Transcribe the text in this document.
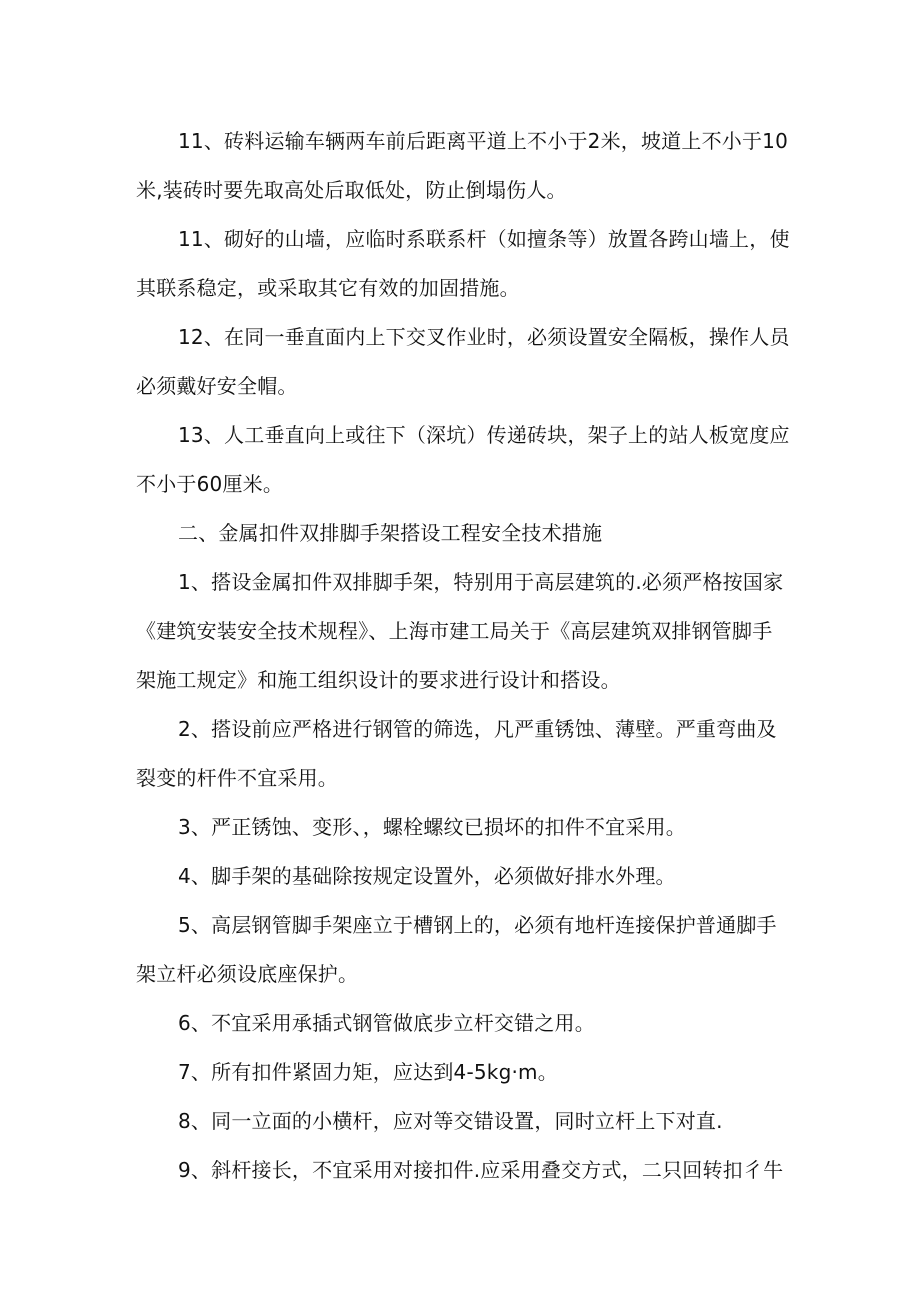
11、砖料运输车辆两车前后距离平道上不小于2米，坡道上不小于10
米,装砖时要先取高处后取低处，防止倒塌伤人。
11、砌好的山墙，应临时系联系杆（如擅条等）放置各跨山墙上，使
其联系稳定，或采取其它有效的加固措施。
12、在同一垂直面内上下交叉作业时，必须设置安全隔板，操作人员
必须戴好安全帽。
13、人工垂直向上或往下（深坑）传递砖块，架子上的站人板宽度应
不小于60厘米。
二、金属扣件双排脚手架搭设工程安全技术措施
1、搭设金属扣件双排脚手架，特别用于高层建筑的.必须严格按国家
《建筑安装安全技术规程》、上海市建工局关于《高层建筑双排钢管脚手
架施工规定》和施工组织设计的要求进行设计和搭设。
2、搭设前应严格进行钢管的筛选，凡严重锈蚀、薄壁。严重弯曲及
裂变的杆件不宜采用。
3、严正锈蚀、变形、，螺栓螺纹已损坏的扣件不宜采用。
4、脚手架的基础除按规定设置外，必须做好排水外理。
5、高层钢管脚手架座立于槽钢上的，必须有地杆连接保护普通脚手
架立杆必须设底座保护。
6、不宜采用承插式钢管做底步立杆交错之用。
7、所有扣件紧固力矩，应达到4-5kg·m。
8、同一立面的小横杆，应对等交错设置，同时立杆上下对直.
9、斜杆接长，不宜采用对接扣件.应采用叠交方式，二只回转扣彳牛
